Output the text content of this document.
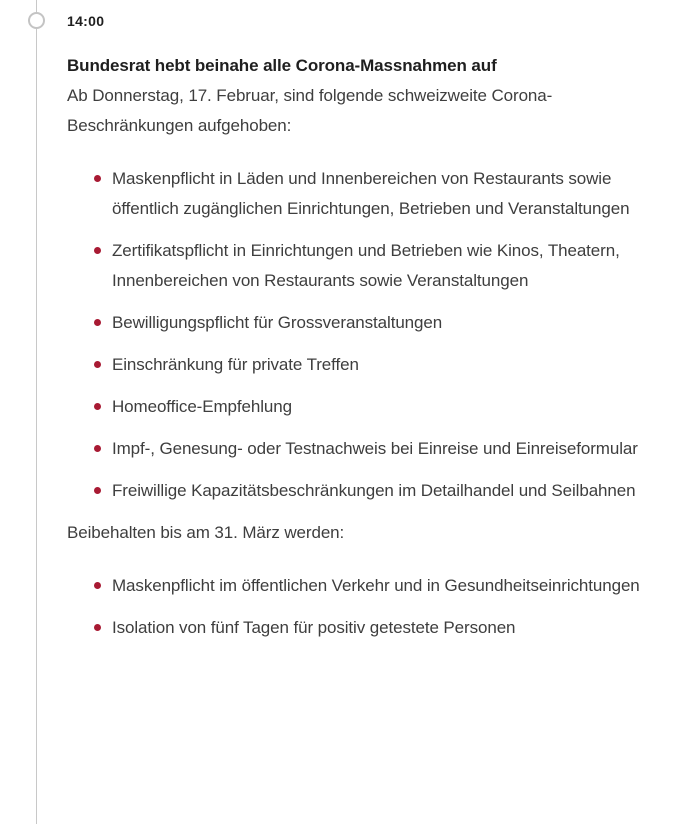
14:00
Bundesrat hebt beinahe alle Corona-Massnahmen auf

Ab Donnerstag, 17. Februar, sind folgende schweizweite Corona-Beschränkungen aufgehoben:

Maskenpflicht in Läden und Innenbereichen von Restaurants sowie öffentlich zugänglichen Einrichtungen, Betrieben und Veranstaltungen
Zertifikatspflicht in Einrichtungen und Betrieben wie Kinos, Theatern, Innenbereichen von Restaurants sowie Veranstaltungen
Bewilligungspflicht für Grossveranstaltungen
Einschränkung für private Treffen
Homeoffice-Empfehlung
Impf-, Genesung- oder Testnachweis bei Einreise und Einreiseformular
Freiwillige Kapazitätsbeschränkungen im Detailhandel und Seilbahnen

Beibehalten bis am 31. März werden:

Maskenpflicht im öffentlichen Verkehr und in Gesundheitseinrichtungen
Isolation von fünf Tagen für positiv getestete Personen
